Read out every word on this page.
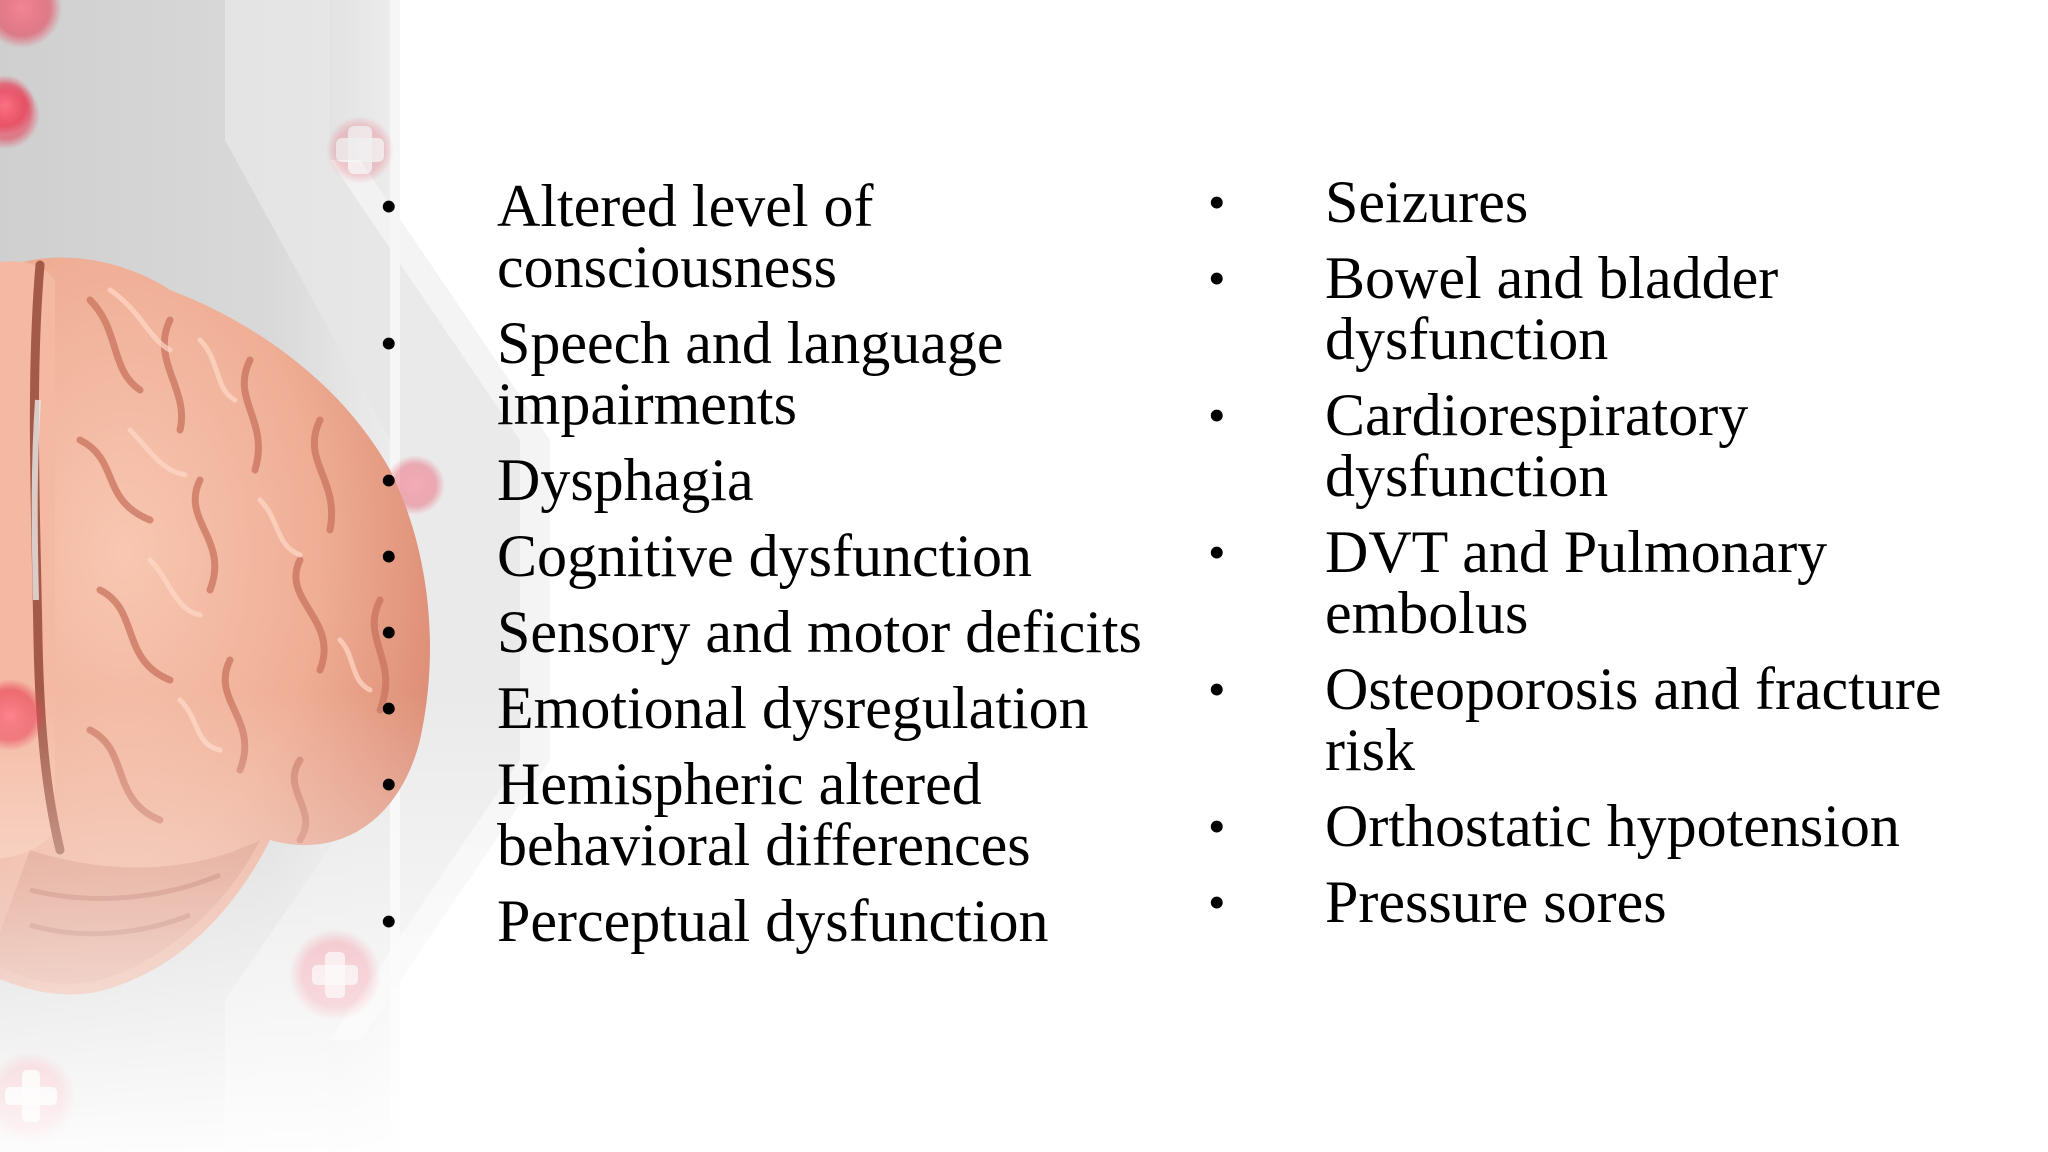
•	Altered level of consciousness
•	Speech and language impairments
•	Dysphagia
•	Cognitive dysfunction
•	Sensory and motor deficits
•	Emotional dysregulation
•	Hemispheric altered behavioral differences
•	Perceptual dysfunction
•	Seizures
•	Bowel and bladder dysfunction
•	Cardiorespiratory dysfunction
•	DVT and Pulmonary embolus
•	Osteoporosis and fracture risk
•	Orthostatic hypotension
•	Pressure sores
